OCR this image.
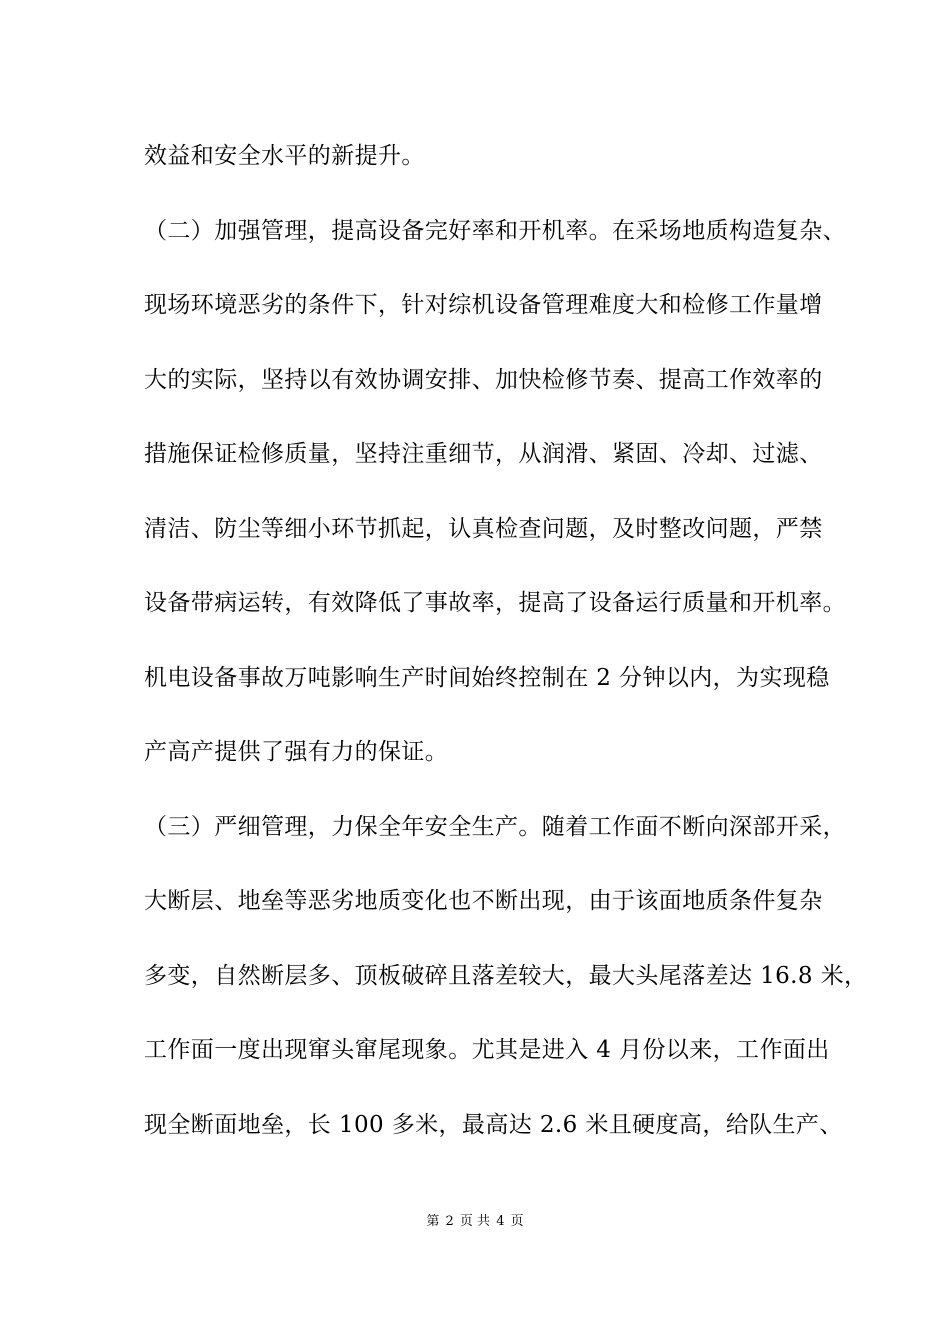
效益和安全水平的新提升。
（二）加强管理，提高设备完好率和开机率。在采场地质构造复杂、
现场环境恶劣的条件下，针对综机设备管理难度大和检修工作量增
大的实际，坚持以有效协调安排、加快检修节奏、提高工作效率的
措施保证检修质量，坚持注重细节，从润滑、紧固、冷却、过滤、
清洁、防尘等细小环节抓起，认真检查问题，及时整改问题，严禁
设备带病运转，有效降低了事故率，提高了设备运行质量和开机率。
机电设备事故万吨影响生产时间始终控制在 2 分钟以内，为实现稳
产高产提供了强有力的保证。
（三）严细管理，力保全年安全生产。随着工作面不断向深部开采，
大断层、地垒等恶劣地质变化也不断出现，由于该面地质条件复杂
多变，自然断层多、顶板破碎且落差较大，最大头尾落差达 16.8 米，
工作面一度出现窜头窜尾现象。尤其是进入 4 月份以来，工作面出
现全断面地垒，长 100 多米，最高达 2.6 米且硬度高，给队生产、
第 2 页 共 4 页
